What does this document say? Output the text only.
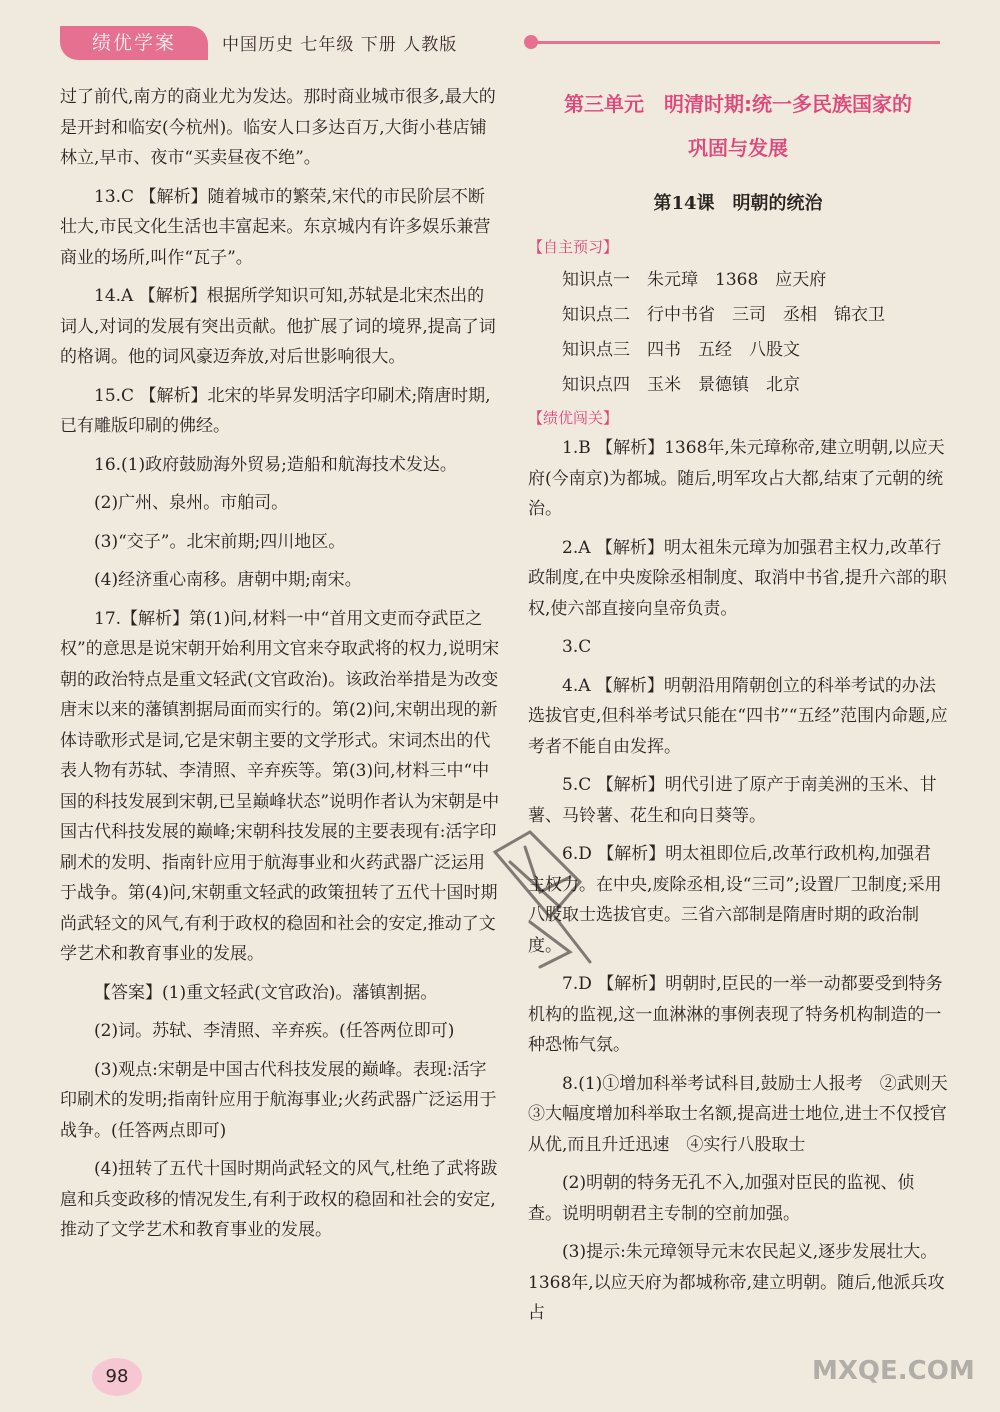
绩优学案	中国历史 七年级 下册 人教版

过了前代,南方的商业尤为发达。那时商业城市很多,最大的是开封和临安(今杭州)。临安人口多达百万,大街小巷店铺林立,早市、夜市“买卖昼夜不绝”。

13.C 【解析】随着城市的繁荣,宋代的市民阶层不断壮大,市民文化生活也丰富起来。东京城内有许多娱乐兼营商业的场所,叫作“瓦子”。

14.A 【解析】根据所学知识可知,苏轼是北宋杰出的词人,对词的发展有突出贡献。他扩展了词的境界,提高了词的格调。他的词风豪迈奔放,对后世影响很大。

15.C 【解析】北宋的毕昇发明活字印刷术;隋唐时期,已有雕版印刷的佛经。

16.(1)政府鼓励海外贸易;造船和航海技术发达。

(2)广州、泉州。市舶司。

(3)“交子”。北宋前期;四川地区。

(4)经济重心南移。唐朝中期;南宋。

17.【解析】第(1)问,材料一中“首用文吏而夺武臣之权”的意思是说宋朝开始利用文官来夺取武将的权力,说明宋朝的政治特点是重文轻武(文官政治)。该政治举措是为改变唐末以来的藩镇割据局面而实行的。第(2)问,宋朝出现的新体诗歌形式是词,它是宋朝主要的文学形式。宋词杰出的代表人物有苏轼、李清照、辛弃疾等。第(3)问,材料三中“中国的科技发展到宋朝,已呈巅峰状态”说明作者认为宋朝是中国古代科技发展的巅峰;宋朝科技发展的主要表现有:活字印刷术的发明、指南针应用于航海事业和火药武器广泛运用于战争。第(4)问,宋朝重文轻武的政策扭转了五代十国时期尚武轻文的风气,有利于政权的稳固和社会的安定,推动了文学艺术和教育事业的发展。

【答案】(1)重文轻武(文官政治)。藩镇割据。

(2)词。苏轼、李清照、辛弃疾。(任答两位即可)

(3)观点:宋朝是中国古代科技发展的巅峰。表现:活字印刷术的发明;指南针应用于航海事业;火药武器广泛运用于战争。(任答两点即可)

(4)扭转了五代十国时期尚武轻文的风气,杜绝了武将跋扈和兵变政移的情况发生,有利于政权的稳固和社会的安定,推动了文学艺术和教育事业的发展。

第三单元　明清时期:统一多民族国家的
巩固与发展
第14课　明朝的统治
【自主预习】
知识点一　朱元璋　1368　应天府
知识点二　行中书省　三司　丞相　锦衣卫
知识点三　四书　五经　八股文
知识点四　玉米　景德镇　北京
【绩优闯关】

1.B 【解析】1368年,朱元璋称帝,建立明朝,以应天府(今南京)为都城。随后,明军攻占大都,结束了元朝的统治。

2.A 【解析】明太祖朱元璋为加强君主权力,改革行政制度,在中央废除丞相制度、取消中书省,提升六部的职权,使六部直接向皇帝负责。

3.C

4.A 【解析】明朝沿用隋朝创立的科举考试的办法选拔官吏,但科举考试只能在“四书”“五经”范围内命题,应考者不能自由发挥。

5.C 【解析】明代引进了原产于南美洲的玉米、甘薯、马铃薯、花生和向日葵等。

6.D 【解析】明太祖即位后,改革行政机构,加强君主权力。在中央,废除丞相,设“三司”;设置厂卫制度;采用八股取士选拔官吏。三省六部制是隋唐时期的政治制度。

7.D 【解析】明朝时,臣民的一举一动都要受到特务机构的监视,这一血淋淋的事例表现了特务机构制造的一种恐怖气氛。

8.(1)①增加科举考试科目,鼓励士人报考　②武则天③大幅度增加科举取士名额,提高进士地位,进士不仅授官从优,而且升迁迅速　④实行八股取士

(2)明朝的特务无孔不入,加强对臣民的监视、侦查。说明明朝君主专制的空前加强。

(3)提示:朱元璋领导元末农民起义,逐步发展壮大。1368年,以应天府为都城称帝,建立明朝。随后,他派兵攻占

98	MXQE.COM
